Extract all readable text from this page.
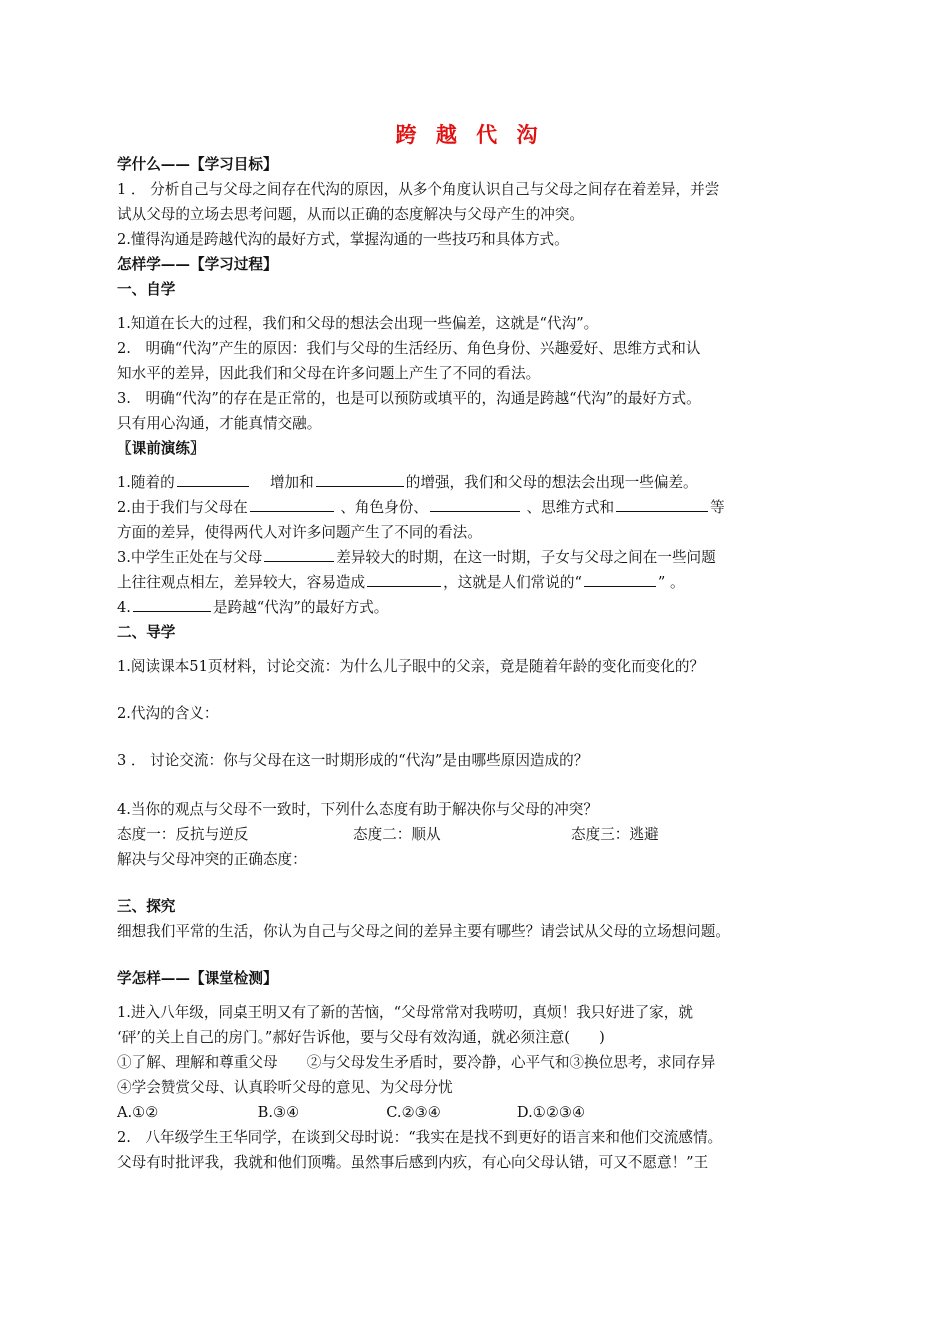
跨 越 代 沟
学什么——【学习目标】
1 ． 分析自己与父母之间存在代沟的原因，从多个角度认识自己与父母之间存在着差异，并尝
试从父母的立场去思考问题，从而以正确的态度解决与父母产生的冲突。
2.懂得沟通是跨越代沟的最好方式，掌握沟通的一些技巧和具体方式。
怎样学——【学习过程】
一、自学
1.知道在长大的过程，我们和父母的想法会出现一些偏差，这就是“代沟”。
2.　明确“代沟”产生的原因：我们与父母的生活经历、角色身份、兴趣爱好、思维方式和认
知水平的差异，因此我们和父母在许多问题上产生了不同的看法。
3.　明确“代沟”的存在是正常的，也是可以预防或填平的，沟通是跨越“代沟”的最好方式。
只有用心沟通，才能真情交融。
〖课前演练〗
1.随着的　	增加和	的增强，我们和父母的想法会出现一些偏差。
2.由于我们与父母在	、角色身份、	、思维方式和	等
方面的差异，使得两代人对许多问题产生了不同的看法。
3.中学生正处在与父母	差异较大的时期，在这一时期，子女与父母之间在一些问题
上往往观点相左，差异较大，容易造成	，这就是人们常说的“	” 。
4.	是跨越“代沟”的最好方式。
二、导学
1.阅读课本51页材料，讨论交流：为什么儿子眼中的父亲，竟是随着年龄的变化而变化的？
2.代沟的含义：
3 ． 讨论交流：你与父母在这一时期形成的“代沟”是由哪些原因造成的？
4.当你的观点与父母不一致时，下列什么态度有助于解决你与父母的冲突？
态度一：反抗与逆反	态度二：顺从	态度三：逃避
解决与父母冲突的正确态度：
三、探究
细想我们平常的生活，你认为自己与父母之间的差异主要有哪些？请尝试从父母的立场想问题。
学怎样——【课堂检测】
1.进入八年级，同桌王明又有了新的苦恼，“父母常常对我唠叨，真烦！我只好进了家，就
‘砰’的关上自己的房门。”郝好告诉他，要与父母有效沟通，就必须注意(　　)
①了解、理解和尊重父母　　②与父母发生矛盾时，要冷静，心平气和③换位思考，求同存异
④学会赞赏父母、认真聆听父母的意见、为父母分忧
A.①②	B.③④	C.②③④	D.①②③④
2.　八年级学生王华同学，在谈到父母时说：“我实在是找不到更好的语言来和他们交流感情。
父母有时批评我，我就和他们顶嘴。虽然事后感到内疚，有心向父母认错，可又不愿意！”王
